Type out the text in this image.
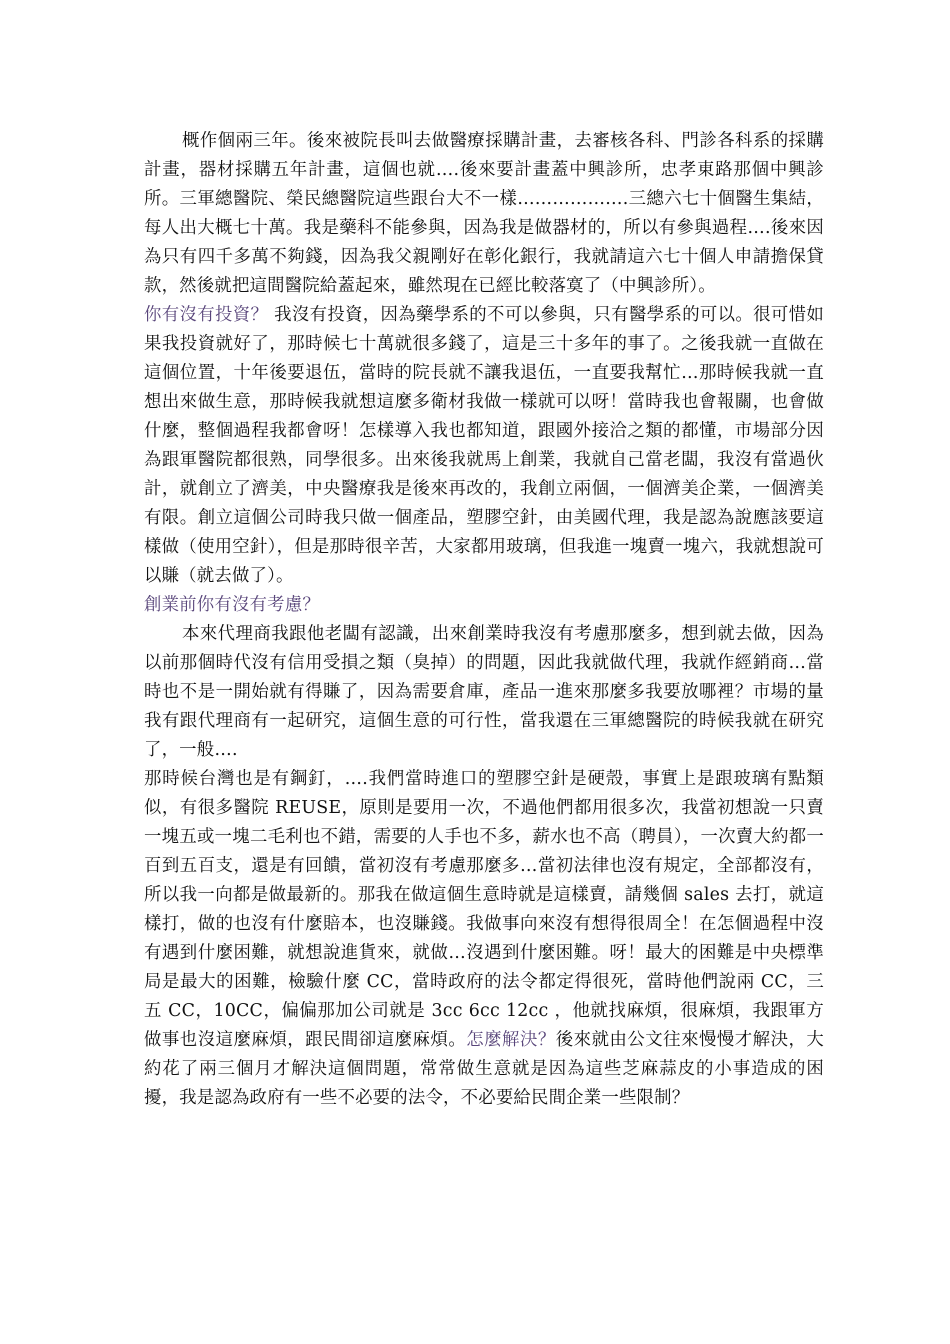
概作個兩三年。後來被院長叫去做醫療採購計畫，去審核各科、門診各科系的採購計畫，器材採購五年計畫，這個也就….後來要計畫蓋中興診所，忠孝東路那個中興診所。三軍總醫院、榮民總醫院這些跟台大不一樣……………….三總六七十個醫生集結，每人出大概七十萬。我是藥科不能參與，因為我是做器材的，所以有參與過程….後來因為只有四千多萬不夠錢，因為我父親剛好在彰化銀行，我就請這六七十個人申請擔保貸款，然後就把這間醫院給蓋起來，雖然現在已經比較落寞了（中興診所）。

你有沒有投資？ 我沒有投資，因為藥學系的不可以參與，只有醫學系的可以。很可惜如果我投資就好了，那時候七十萬就很多錢了，這是三十多年的事了。之後我就一直做在這個位置，十年後要退伍，當時的院長就不讓我退伍，一直要我幫忙…那時候我就一直想出來做生意，那時候我就想這麼多衛材我做一樣就可以呀！當時我也會報關，也會做什麼，整個過程我都會呀！怎樣導入我也都知道，跟國外接洽之類的都懂，市場部分因為跟軍醫院都很熟，同學很多。出來後我就馬上創業，我就自己當老闆，我沒有當過伙計，就創立了濟美，中央醫療我是後來再改的，我創立兩個，一個濟美企業，一個濟美有限。創立這個公司時我只做一個產品，塑膠空針，由美國代理，我是認為說應該要這樣做（使用空針），但是那時很辛苦，大家都用玻璃，但我進一塊賣一塊六，我就想說可以賺（就去做了）。

創業前你有沒有考慮？

本來代理商我跟他老闆有認識，出來創業時我沒有考慮那麼多，想到就去做，因為以前那個時代沒有信用受損之類（臭掉）的問題，因此我就做代理，我就作經銷商…當時也不是一開始就有得賺了，因為需要倉庫，產品一進來那麼多我要放哪裡？市場的量我有跟代理商有一起研究，這個生意的可行性，當我還在三軍總醫院的時候我就在研究了，一般….

那時候台灣也是有鋼釘，….我們當時進口的塑膠空針是硬殼，事實上是跟玻璃有點類似，有很多醫院 REUSE，原則是要用一次，不過他們都用很多次，我當初想說一只賣一塊五或一塊二毛利也不錯，需要的人手也不多，薪水也不高（聘員），一次賣大約都一百到五百支，還是有回饋，當初沒有考慮那麼多…當初法律也沒有規定，全部都沒有，所以我一向都是做最新的。那我在做這個生意時就是這樣賣，請幾個 sales 去打，就這樣打，做的也沒有什麼賠本，也沒賺錢。我做事向來沒有想得很周全！在怎個過程中沒有遇到什麼困難，就想說進貨來，就做…沒遇到什麼困難。呀！最大的困難是中央標準局是最大的困難，檢驗什麼 CC，當時政府的法令都定得很死，當時他們說兩 CC，三五 CC，10CC，偏偏那加公司就是 3cc 6cc 12cc ，他就找麻煩，很麻煩，我跟軍方做事也沒這麼麻煩，跟民間卻這麼麻煩。怎麼解決？後來就由公文往來慢慢才解決，大約花了兩三個月才解決這個問題，常常做生意就是因為這些芝麻蒜皮的小事造成的困擾，我是認為政府有一些不必要的法令，不必要給民間企業一些限制？
